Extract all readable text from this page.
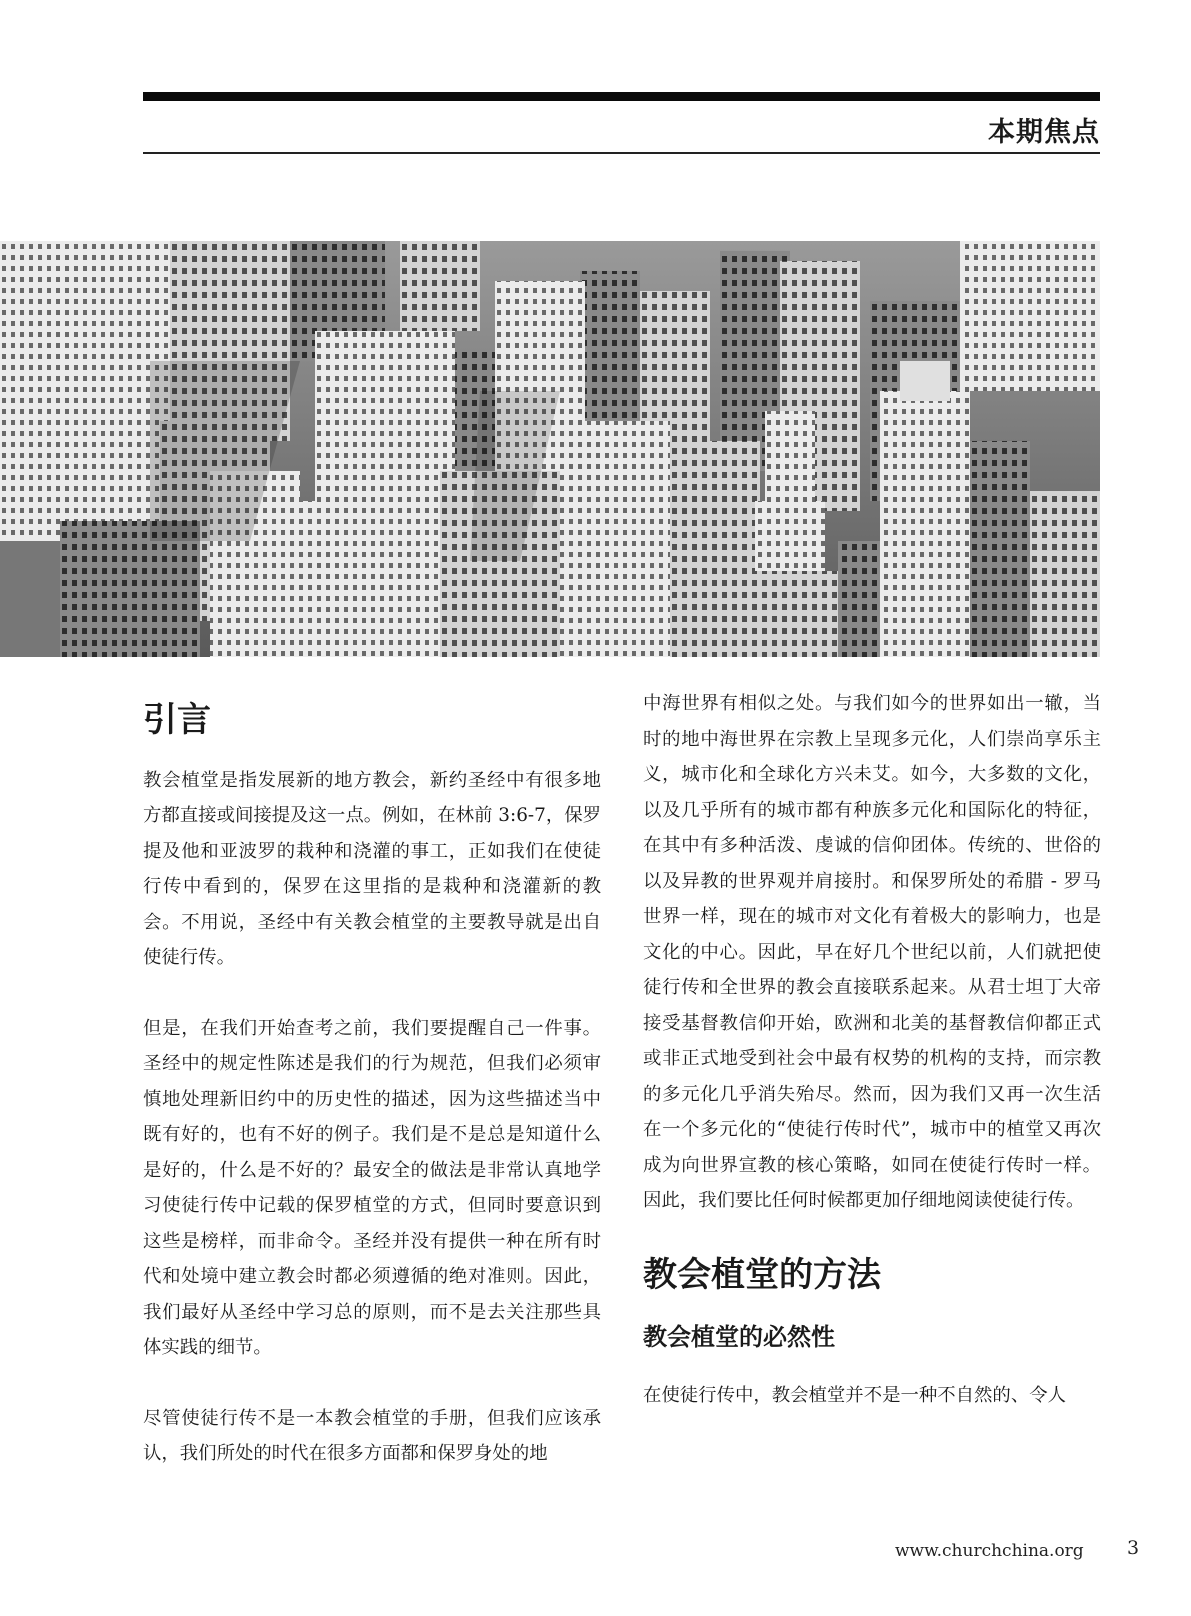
本期焦点
引言

教会植堂是指发展新的地方教会，新约圣经中有很多地方都直接或间接提及这一点。例如，在林前 3:6-7，保罗提及他和亚波罗的栽种和浇灌的事工，正如我们在使徒行传中看到的，保罗在这里指的是栽种和浇灌新的教会。不用说，圣经中有关教会植堂的主要教导就是出自使徒行传。

但是，在我们开始查考之前，我们要提醒自己一件事。圣经中的规定性陈述是我们的行为规范，但我们必须审慎地处理新旧约中的历史性的描述，因为这些描述当中既有好的，也有不好的例子。我们是不是总是知道什么是好的，什么是不好的？最安全的做法是非常认真地学习使徒行传中记载的保罗植堂的方式，但同时要意识到这些是榜样，而非命令。圣经并没有提供一种在所有时代和处境中建立教会时都必须遵循的绝对准则。因此，我们最好从圣经中学习总的原则，而不是去关注那些具体实践的细节。

尽管使徒行传不是一本教会植堂的手册，但我们应该承认，我们所处的时代在很多方面都和保罗身处的地

中海世界有相似之处。与我们如今的世界如出一辙，当时的地中海世界在宗教上呈现多元化，人们崇尚享乐主义，城市化和全球化方兴未艾。如今，大多数的文化，以及几乎所有的城市都有种族多元化和国际化的特征，在其中有多种活泼、虔诚的信仰团体。传统的、世俗的以及异教的世界观并肩接肘。和保罗所处的希腊 - 罗马世界一样，现在的城市对文化有着极大的影响力，也是文化的中心。因此，早在好几个世纪以前，人们就把使徒行传和全世界的教会直接联系起来。从君士坦丁大帝接受基督教信仰开始，欧洲和北美的基督教信仰都正式或非正式地受到社会中最有权势的机构的支持，而宗教的多元化几乎消失殆尽。然而，因为我们又再一次生活在一个多元化的“使徒行传时代”，城市中的植堂又再次成为向世界宣教的核心策略，如同在使徒行传时一样。因此，我们要比任何时候都更加仔细地阅读使徒行传。

教会植堂的方法
教会植堂的必然性

在使徒行传中，教会植堂并不是一种不自然的、令人

www.churchchina.org 3
